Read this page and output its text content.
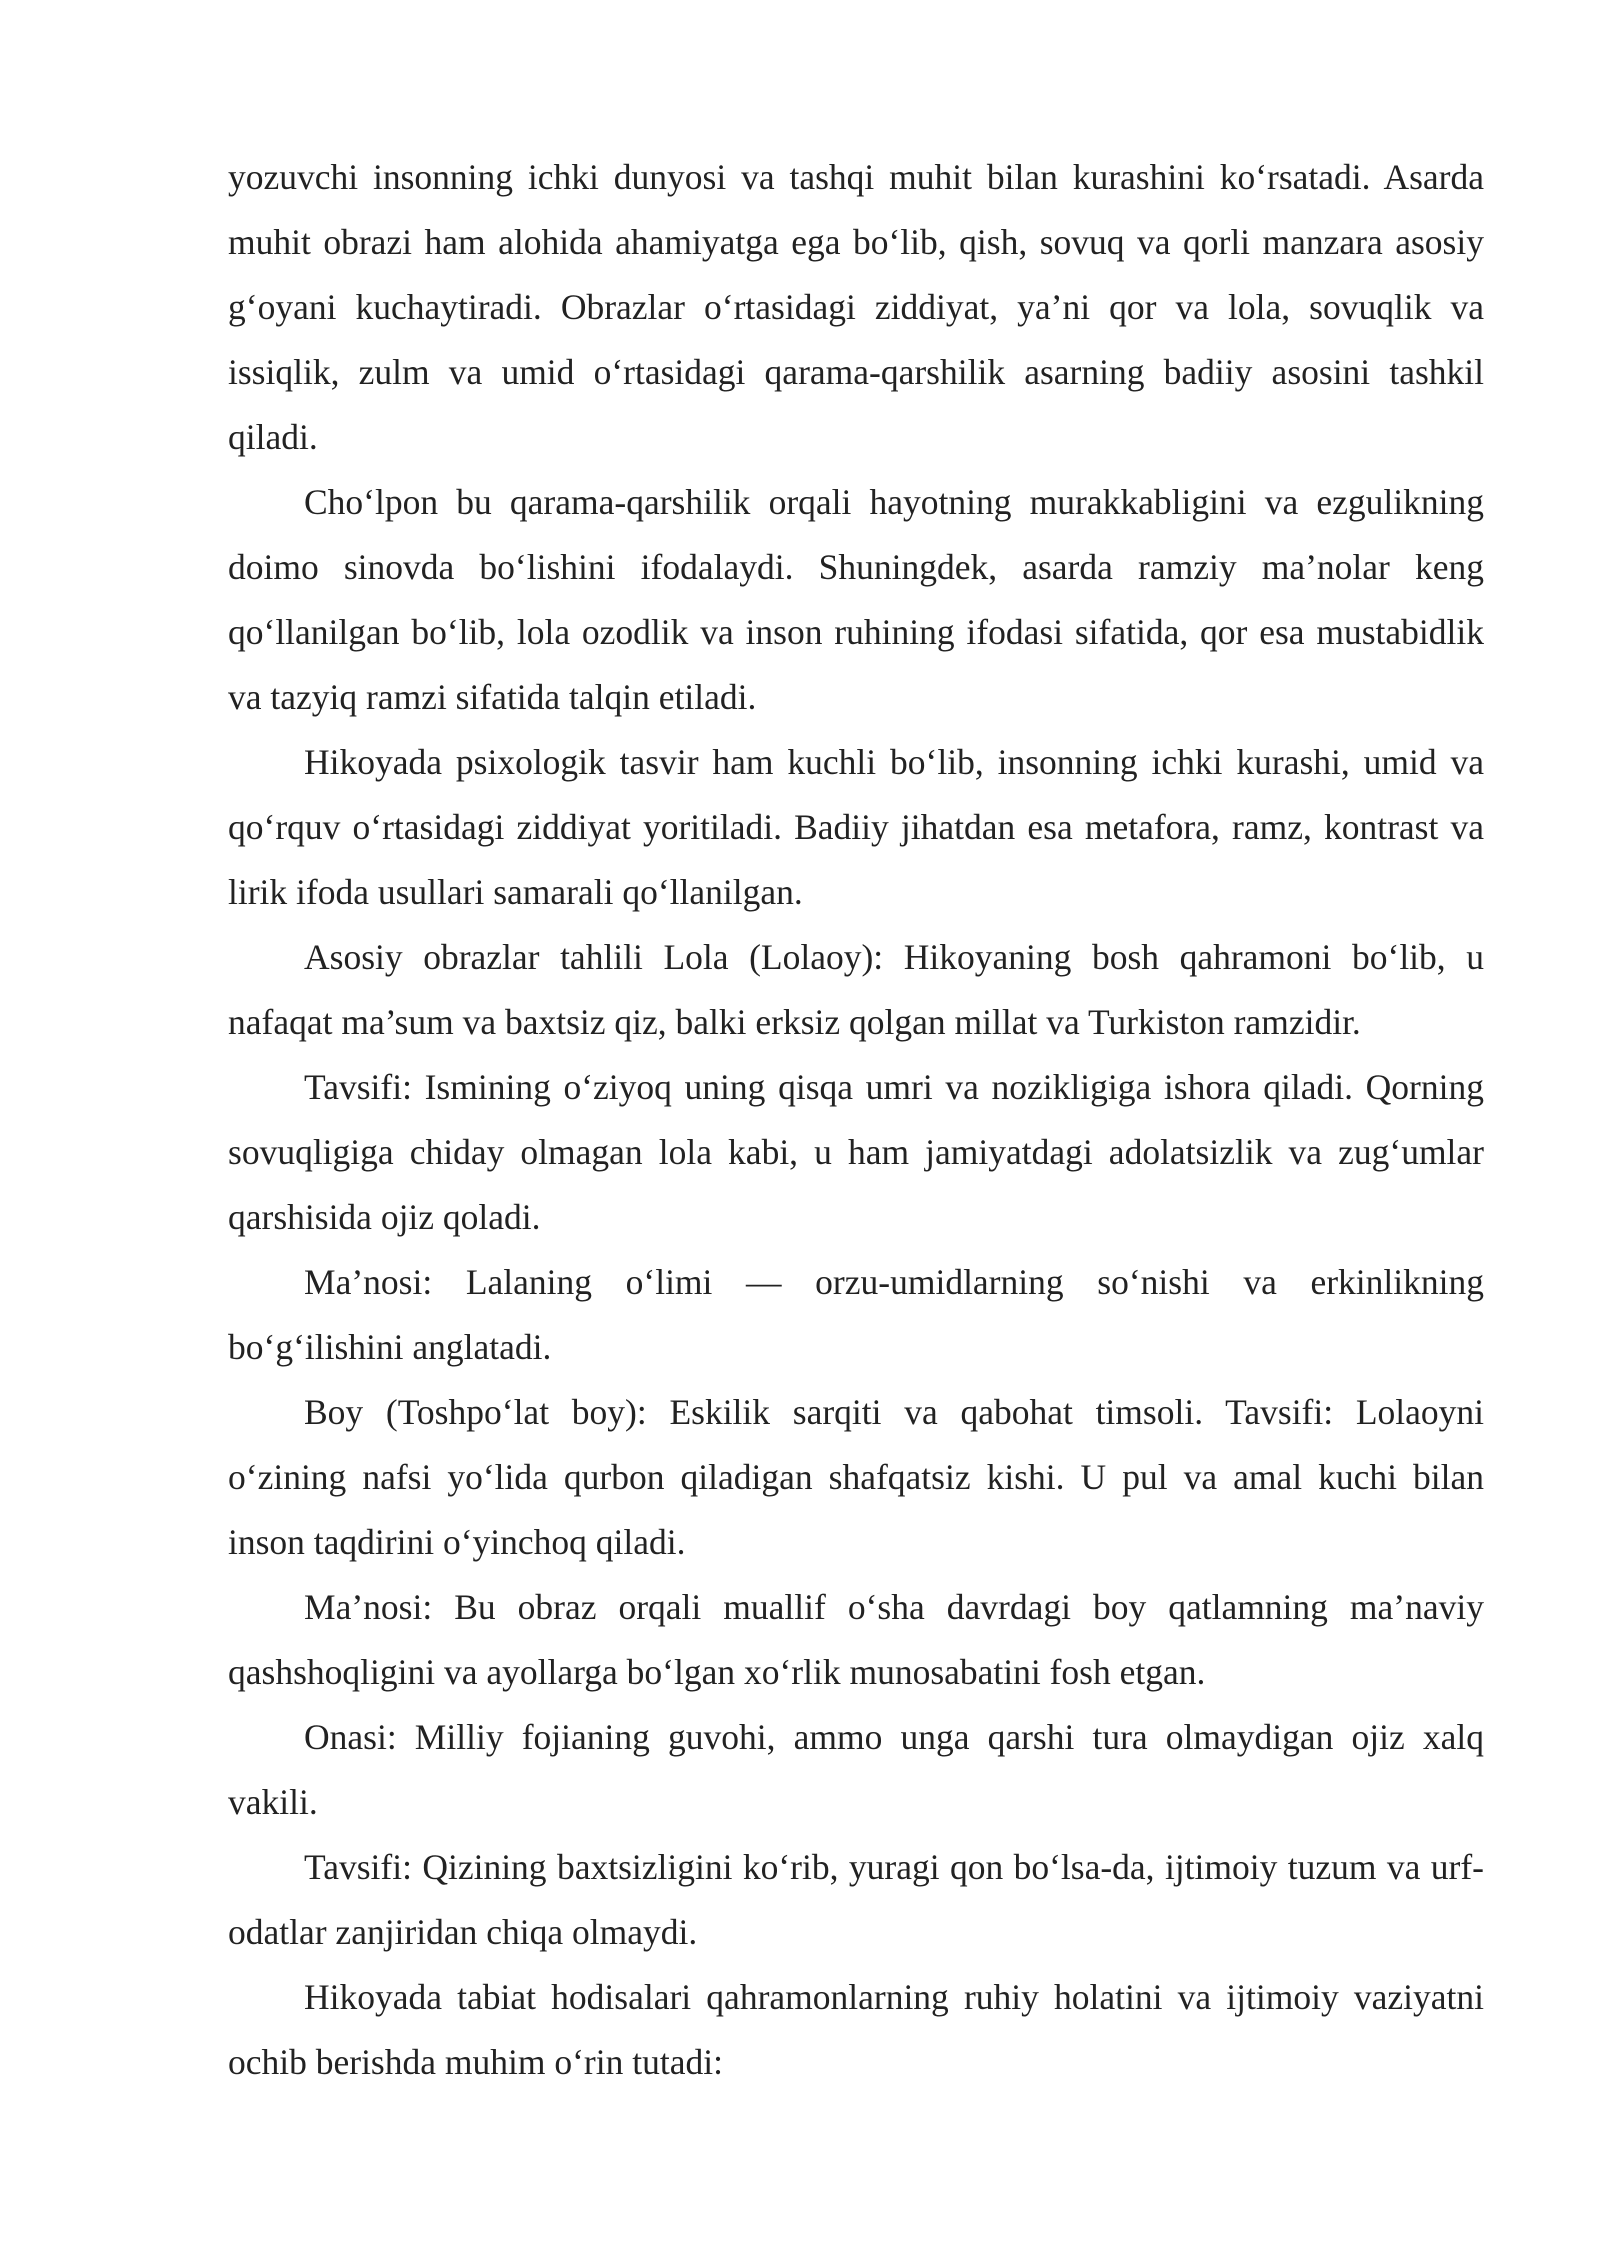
yozuvchi insonning ichki dunyosi va tashqi muhit bilan kurashini ko‘rsatadi. Asarda muhit obrazi ham alohida ahamiyatga ega bo‘lib, qish, sovuq va qorli manzara asosiy g‘oyani kuchaytiradi. Obrazlar o‘rtasidagi ziddiyat, ya’ni qor va lola, sovuqlik va issiqlik, zulm va umid o‘rtasidagi qarama-qarshilik asarning badiiy asosini tashkil qiladi.

Cho‘lpon bu qarama-qarshilik orqali hayotning murakkabligini va ezgulikning doimo sinovda bo‘lishini ifodalaydi. Shuningdek, asarda ramziy ma’nolar keng qo‘llanilgan bo‘lib, lola ozodlik va inson ruhining ifodasi sifatida, qor esa mustabidlik va tazyiq ramzi sifatida talqin etiladi.

Hikoyada psixologik tasvir ham kuchli bo‘lib, insonning ichki kurashi, umid va qo‘rquv o‘rtasidagi ziddiyat yoritiladi. Badiiy jihatdan esa metafora, ramz, kontrast va lirik ifoda usullari samarali qo‘llanilgan.

Asosiy obrazlar tahlili Lola (Lolaoy): Hikoyaning bosh qahramoni bo‘lib, u nafaqat ma’sum va baxtsiz qiz, balki erksiz qolgan millat va Turkiston ramzidir.

Tavsifi: Ismining o‘ziyoq uning qisqa umri va nozikligiga ishora qiladi. Qorning sovuqligiga chiday olmagan lola kabi, u ham jamiyatdagi adolatsizlik va zug‘umlar qarshisida ojiz qoladi.

Ma’nosi: Lalaning o‘limi — orzu-umidlarning so‘nishi va erkinlikning bo‘g‘ilishini anglatadi.

Boy (Toshpo‘lat boy): Eskilik sarqiti va qabohat timsoli. Tavsifi: Lolaoyni o‘zining nafsi yo‘lida qurbon qiladigan shafqatsiz kishi. U pul va amal kuchi bilan inson taqdirini o‘yinchoq qiladi.

Ma’nosi: Bu obraz orqali muallif o‘sha davrdagi boy qatlamning ma’naviy qashshoqligini va ayollarga bo‘lgan xo‘rlik munosabatini fosh etgan.

Onasi: Milliy fojianing guvohi, ammo unga qarshi tura olmaydigan ojiz xalq vakili.

Tavsifi: Qizining baxtsizligini ko‘rib, yuragi qon bo‘lsa-da, ijtimoiy tuzum va urf-odatlar zanjiridan chiqa olmaydi.

Hikoyada tabiat hodisalari qahramonlarning ruhiy holatini va ijtimoiy vaziyatni ochib berishda muhim o‘rin tutadi:
